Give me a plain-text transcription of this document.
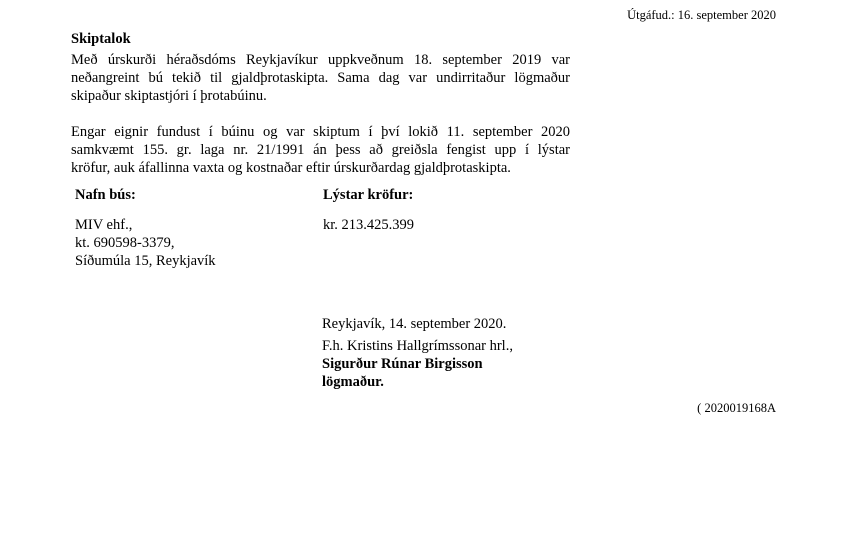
Útgáfud.: 16. september 2020
Skiptalok
Með úrskurði héraðsdóms Reykjavíkur uppkveðnum 18. september 2019 var
neðangreint bú tekið til gjaldþrotaskipta. Sama dag var undirritaður lögmaður
skipaður skiptastjóri í þrotabúinu.
Engar eignir fundust í búinu og var skiptum í því lokið 11. september 2020
samkvæmt 155. gr. laga nr. 21/1991 án þess að greiðsla fengist upp í lýstar
kröfur, auk áfallinna vaxta og kostnaðar eftir úrskurðardag gjaldþrotaskipta.
Nafn bús:	Lýstar kröfur:
MIV ehf.,
kt. 690598-3379,
Síðumúla 15, Reykjavík
kr. 213.425.399
Reykjavík, 14. september 2020.
F.h. Kristins Hallgrímssonar hrl.,
Sigurður Rúnar Birgisson
lögmaður.
( 2020019168A
